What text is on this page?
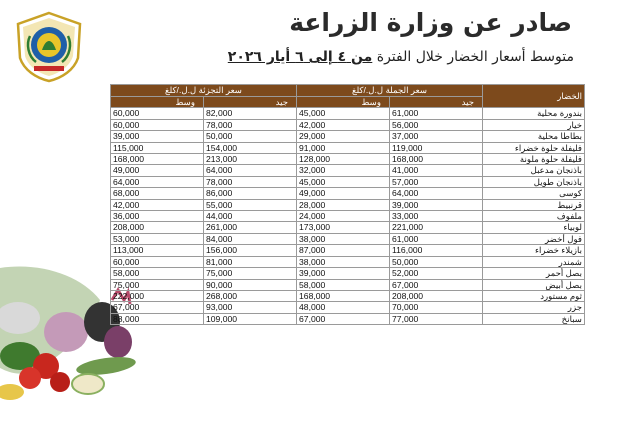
صادر عن وزارة الزراعة
متوسط أسعار الخضار خلال الفترة من ٤ إلى ٦ أيار ٢٠٢٦
سعر التجزئة ل.ل./كلغ		سعر الجملة ل.ل./كلغ		الخضار
وسط	جيد	وسط	جيد	
60,000	82,000	45,000	61,000	بندورة محلية
60,000	78,000	42,000	56,000	خيار
39,000	50,000	29,000	37,000	بطاطا محلية
115,000	154,000	91,000	119,000	فليفلة حلوة خضراء
168,000	213,000	128,000	168,000	فليفلة حلوة ملونة
49,000	64,000	32,000	41,000	باذنجان مدعبل
64,000	78,000	45,000	57,000	باذنجان طويل
68,000	86,000	49,000	64,000	كوسى
42,000	55,000	28,000	39,000	قرنبيط
36,000	44,000	24,000	33,000	ملفوف
208,000	261,000	173,000	221,000	لوبياء
53,000	84,000	38,000	61,000	فول أخضر
113,000	156,000	87,000	116,000	بازيلاء خضراء
60,000	81,000	38,000	50,000	شمندر
58,000	75,000	39,000	52,000	بصل أحمر
75,000	90,000	58,000	67,000	بصل أبيض
222,000	268,000	168,000	208,000	ثوم مستورد
67,000	93,000	48,000	70,000	جزر
88,000	109,000	67,000	77,000	سبانخ
